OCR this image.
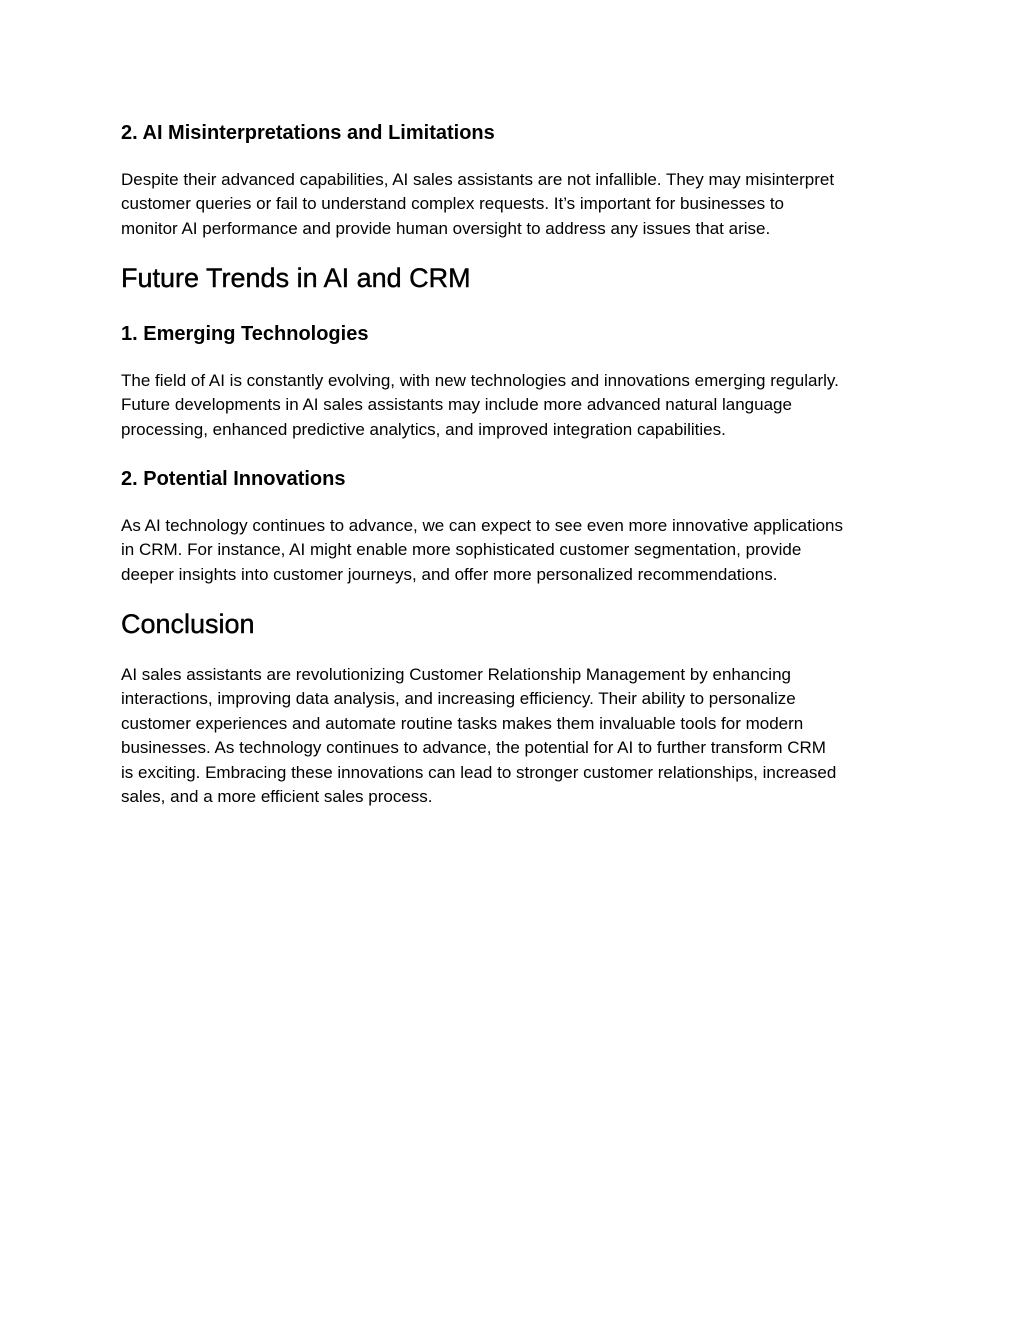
2. AI Misinterpretations and Limitations

Despite their advanced capabilities, AI sales assistants are not infallible. They may misinterpret
customer queries or fail to understand complex requests. It’s important for businesses to
monitor AI performance and provide human oversight to address any issues that arise.

Future Trends in AI and CRM
1. Emerging Technologies

The field of AI is constantly evolving, with new technologies and innovations emerging regularly.
Future developments in AI sales assistants may include more advanced natural language
processing, enhanced predictive analytics, and improved integration capabilities.

2. Potential Innovations

As AI technology continues to advance, we can expect to see even more innovative applications
in CRM. For instance, AI might enable more sophisticated customer segmentation, provide
deeper insights into customer journeys, and offer more personalized recommendations.

Conclusion

AI sales assistants are revolutionizing Customer Relationship Management by enhancing
interactions, improving data analysis, and increasing efficiency. Their ability to personalize
customer experiences and automate routine tasks makes them invaluable tools for modern
businesses. As technology continues to advance, the potential for AI to further transform CRM
is exciting. Embracing these innovations can lead to stronger customer relationships, increased
sales, and a more efficient sales process.
